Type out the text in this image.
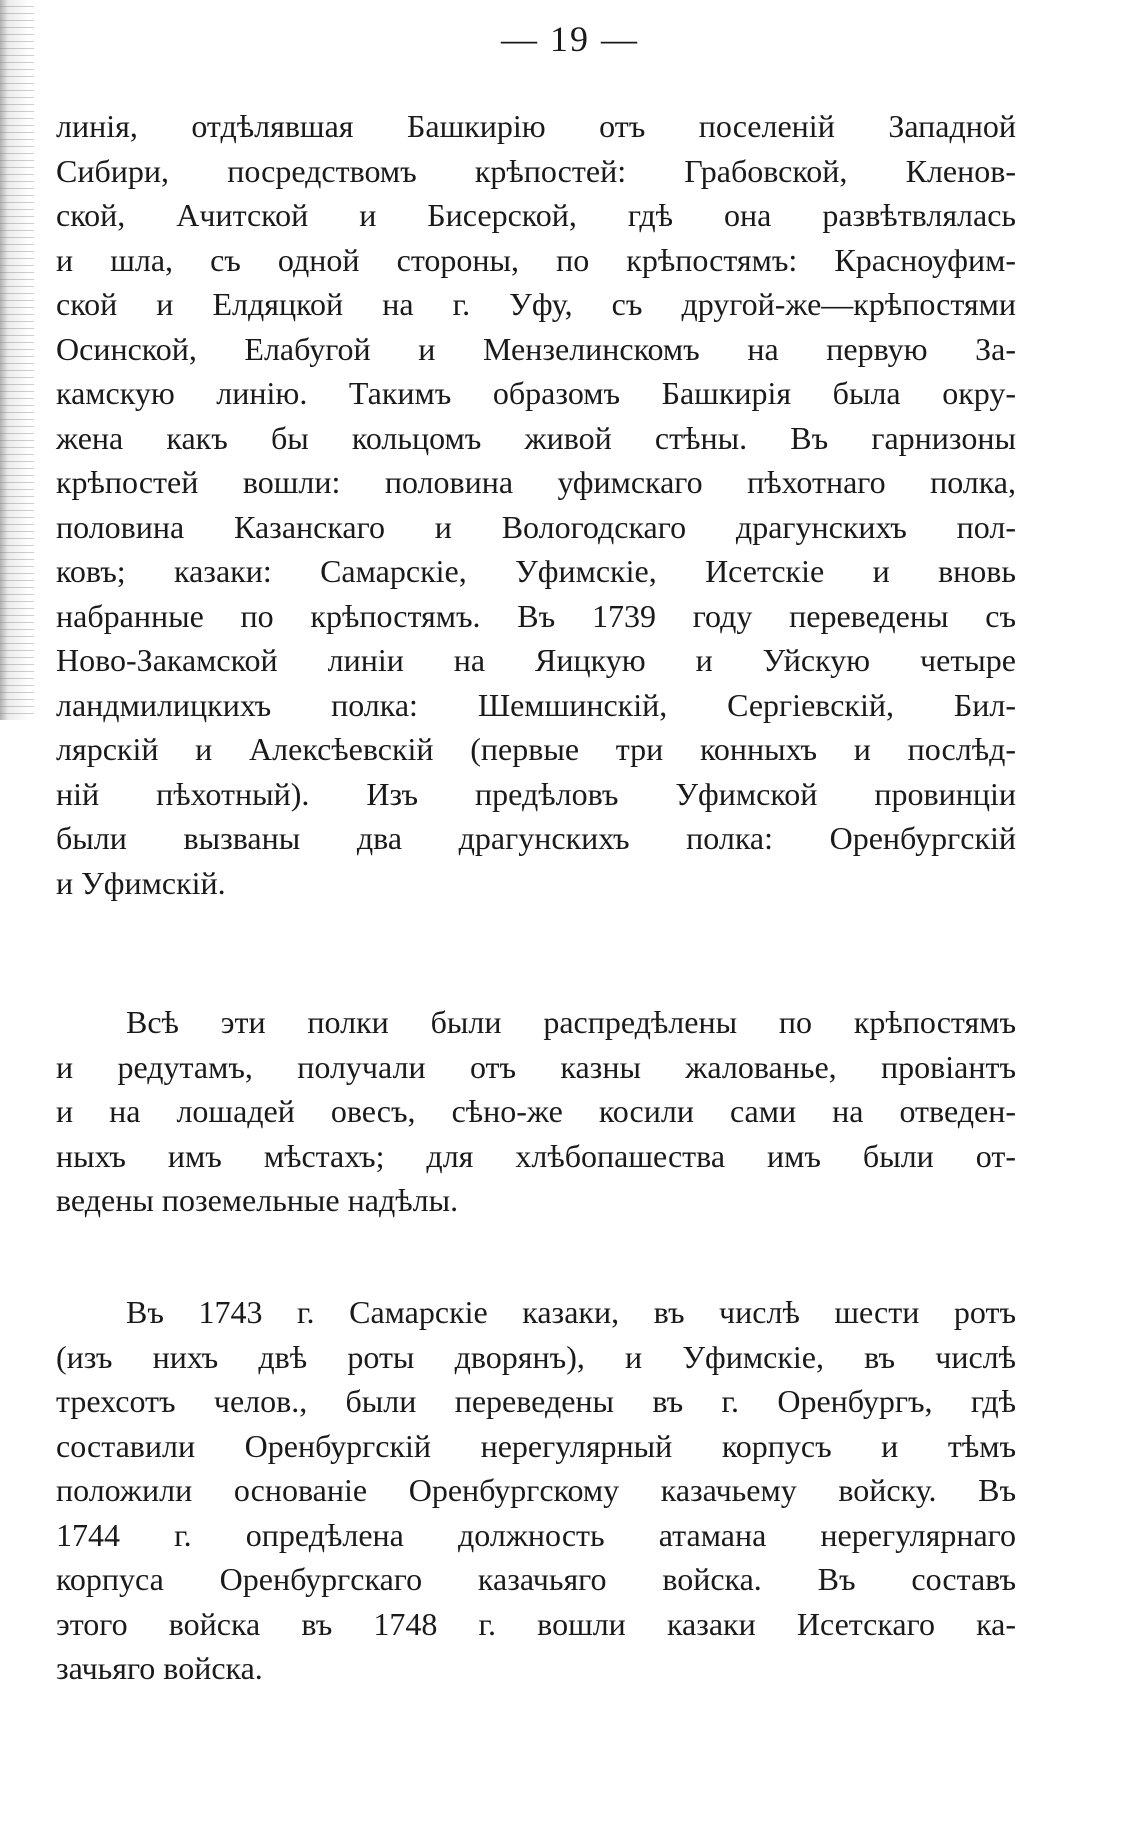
— 19 —
линія, отдѣлявшая Башкирію отъ поселеній Западной
Сибири, посредствомъ крѣпостей: Грабовской, Кленов-
ской, Ачитской и Бисерской, гдѣ она развѣтвлялась
и шла, съ одной стороны, по крѣпостямъ: Красноуфим-
ской и Елдяцкой на г. Уфу, съ другой-же—крѣпостями
Осинской, Елабугой и Мензелинскомъ на первую За-
камскую линію. Такимъ образомъ Башкирія была окру-
жена какъ бы кольцомъ живой стѣны. Въ гарнизоны
крѣпостей вошли: половина уфимскаго пѣхотнаго полка,
половина Казанскаго и Вологодскаго драгунскихъ пол-
ковъ; казаки: Самарскіе, Уфимскіе, Исетскіе и вновь
набранные по крѣпостямъ. Въ 1739 году переведены съ
Ново-Закамской линіи на Яицкую и Уйскую четыре
ландмилицкихъ полка: Шемшинскій, Сергіевскій, Бил-
лярскій и Алексѣевскій (первые три конныхъ и послѣд-
ній пѣхотный). Изъ предѣловъ Уфимской провинціи
были вызваны два драгунскихъ полка: Оренбургскій
и Уфимскій.
Всѣ эти полки были распредѣлены по крѣпостямъ
и редутамъ, получали отъ казны жалованье, провіантъ
и на лошадей овесъ, сѣно-же косили сами на отведен-
ныхъ имъ мѣстахъ; для хлѣбопашества имъ были от-
ведены поземельные надѣлы.
Въ 1743 г. Самарскіе казаки, въ числѣ шести ротъ
(изъ нихъ двѣ роты дворянъ), и Уфимскіе, въ числѣ
трехсотъ челов., были переведены въ г. Оренбургъ, гдѣ
составили Оренбургскій нерегулярный корпусъ и тѣмъ
положили основаніе Оренбургскому казачьему войску. Въ
1744 г. опредѣлена должность атамана нерегулярнаго
корпуса Оренбургскаго казачьяго войска. Въ составъ
этого войска въ 1748 г. вошли казаки Исетскаго ка-
зачьяго войска.
